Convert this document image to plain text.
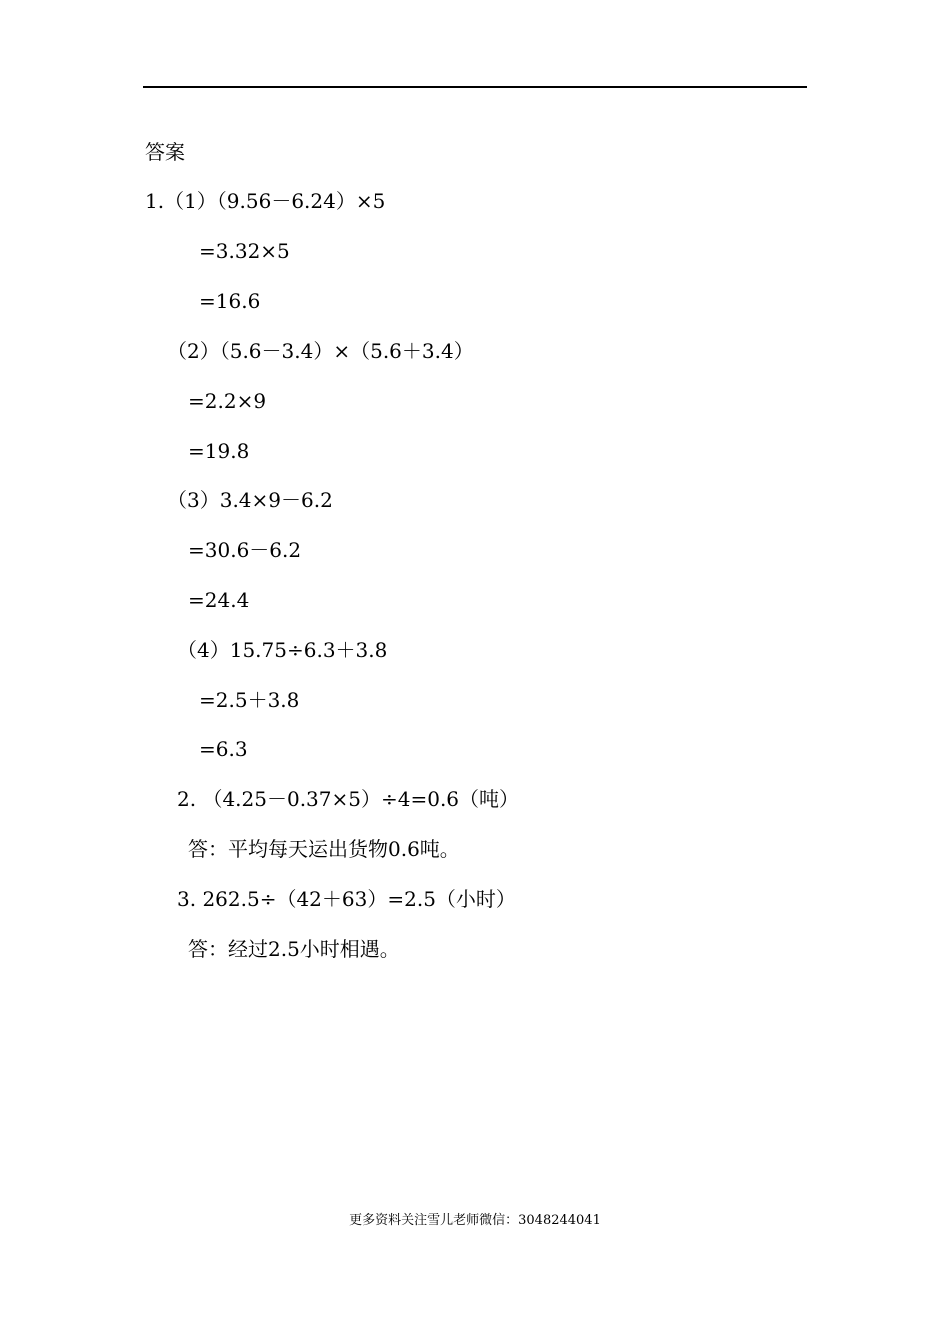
答案
1.（1）（9.56－6.24）×5
=3.32×5
=16.6
（2）（5.6－3.4）×（5.6＋3.4）
=2.2×9
=19.8
（3）3.4×9－6.2
=30.6－6.2
=24.4
（4）15.75÷6.3＋3.8
=2.5＋3.8
=6.3
2. （4.25－0.37×5）÷4=0.6（吨）
答：平均每天运出货物0.6吨。
3. 262.5÷（42＋63）=2.5（小时）
答：经过2.5小时相遇。
更多资料关注雪儿老师微信：3048244041
